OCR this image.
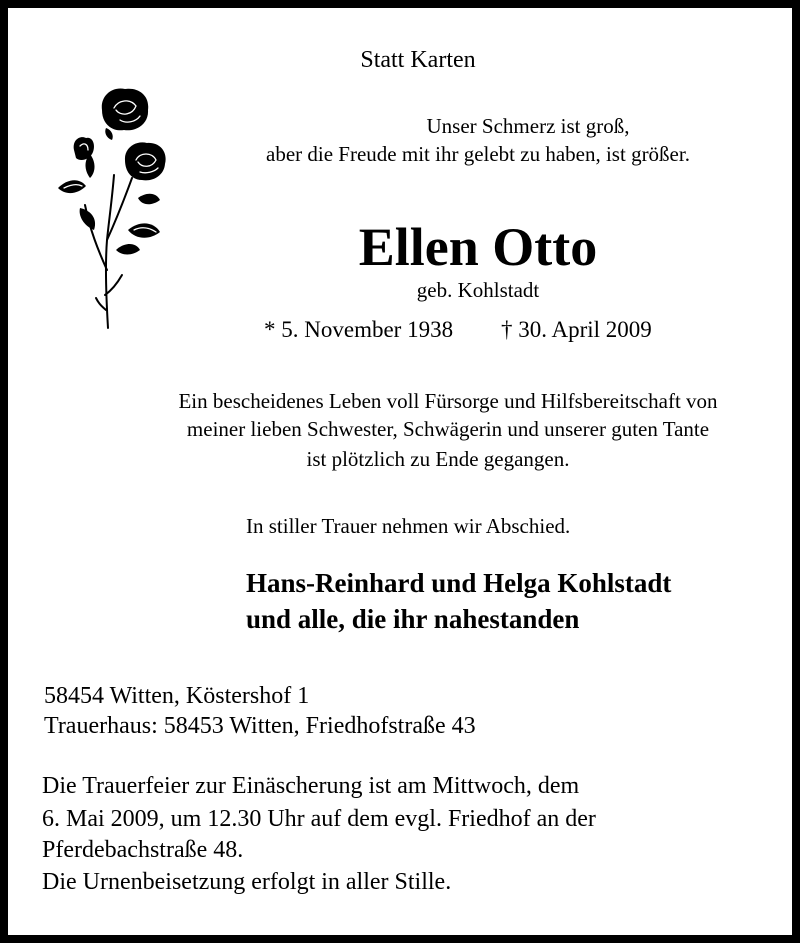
Statt Karten
Unser Schmerz ist groß,
aber die Freude mit ihr gelebt zu haben, ist größer.
Ellen Otto
geb. Kohlstadt
* 5. November 1938 † 30. April 2009
Ein bescheidenes Leben voll Fürsorge und Hilfsbereitschaft von
meiner lieben Schwester, Schwägerin und unserer guten Tante
ist plötzlich zu Ende gegangen.
In stiller Trauer nehmen wir Abschied.
Hans-Reinhard und Helga Kohlstadt
und alle, die ihr nahestanden
58454 Witten, Köstershof 1
Trauerhaus: 58453 Witten, Friedhofstraße 43
Die Trauerfeier zur Einäscherung ist am Mittwoch, dem
6. Mai 2009, um 12.30 Uhr auf dem evgl. Friedhof an der
Pferdebachstraße 48.
Die Urnenbeisetzung erfolgt in aller Stille.
